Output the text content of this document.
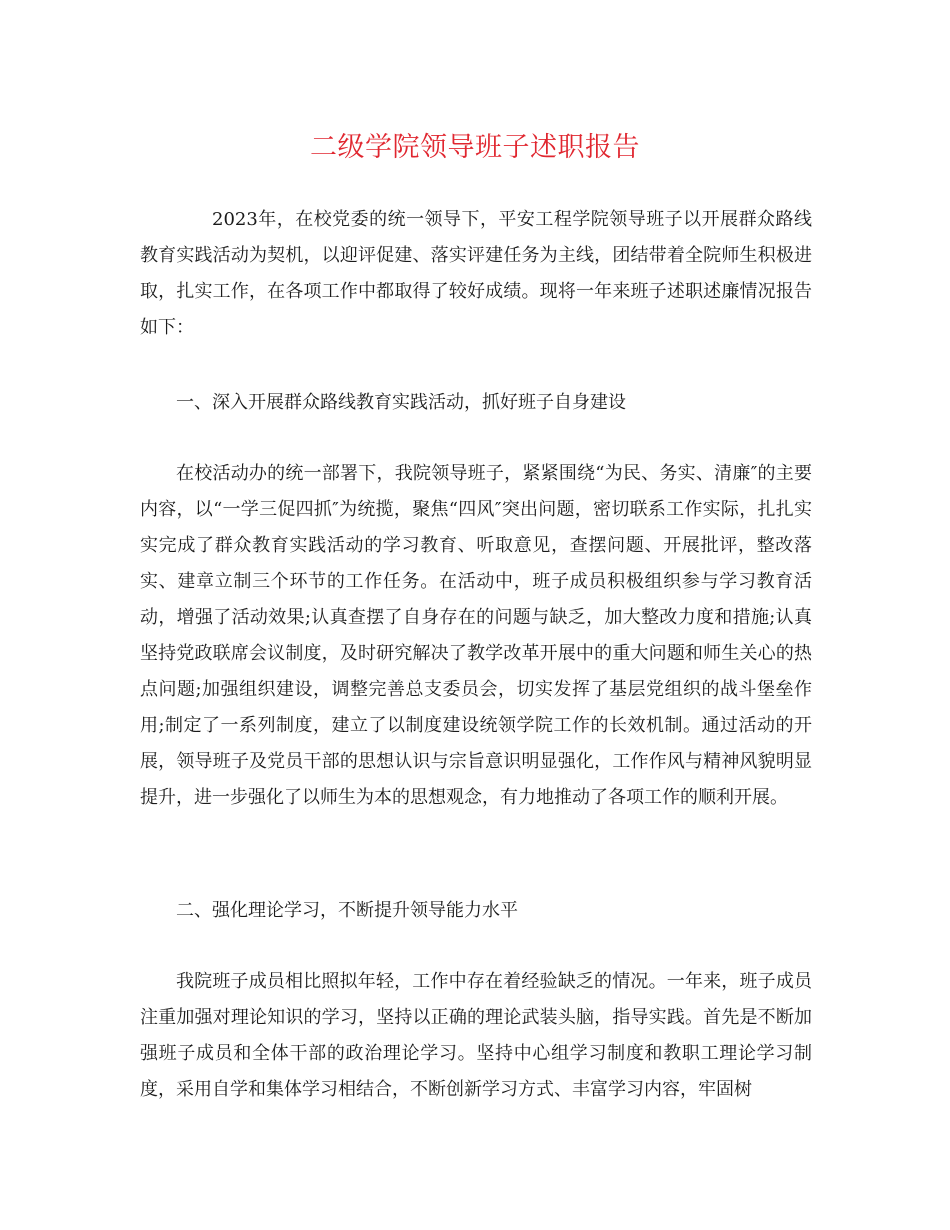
二级学院领导班子述职报告

2023年，在校党委的统一领导下，平安工程学院领导班子以开展群众路线教育实践活动为契机，以迎评促建、落实评建任务为主线，团结带着全院师生积极进取，扎实工作，在各项工作中都取得了较好成绩。现将一年来班子述职述廉情况报告如下：

一、深入开展群众路线教育实践活动，抓好班子自身建设

在校活动办的统一部署下，我院领导班子，紧紧围绕“为民、务实、清廉″的主要内容，以“一学三促四抓″为统揽，聚焦“四风″突出问题，密切联系工作实际，扎扎实实完成了群众教育实践活动的学习教育、听取意见，查摆问题、开展批评，整改落实、建章立制三个环节的工作任务。在活动中，班子成员积极组织参与学习教育活动，增强了活动效果;认真查摆了自身存在的问题与缺乏，加大整改力度和措施;认真坚持党政联席会议制度，及时研究解决了教学改革开展中的重大问题和师生关心的热点问题;加强组织建设，调整完善总支委员会，切实发挥了基层党组织的战斗堡垒作用;制定了一系列制度，建立了以制度建设统领学院工作的长效机制。通过活动的开展，领导班子及党员干部的思想认识与宗旨意识明显强化，工作作风与精神风貌明显提升，进一步强化了以师生为本的思想观念，有力地推动了各项工作的顺利开展。

二、强化理论学习，不断提升领导能力水平

我院班子成员相比照拟年轻，工作中存在着经验缺乏的情况。一年来，班子成员注重加强对理论知识的学习，坚持以正确的理论武装头脑，指导实践。首先是不断加强班子成员和全体干部的政治理论学习。坚持中心组学习制度和教职工理论学习制度，采用自学和集体学习相结合，不断创新学习方式、丰富学习内容，牢固树
